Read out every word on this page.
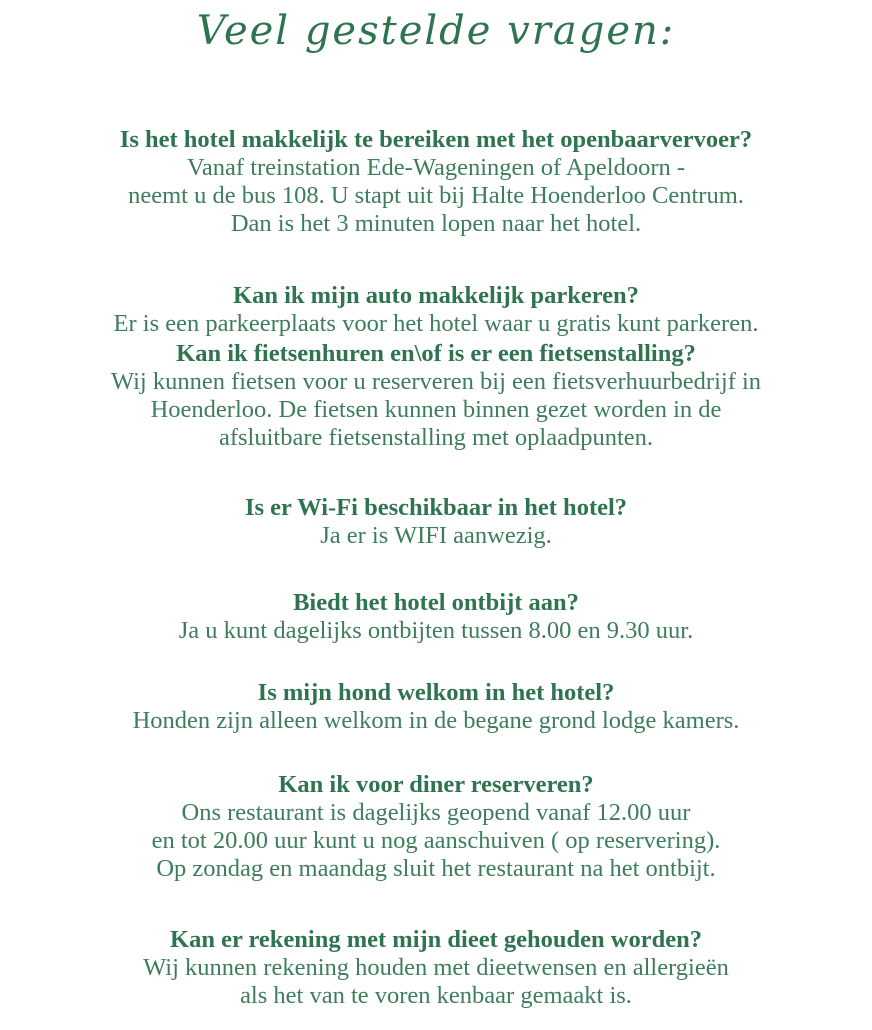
Veel gestelde vragen:
Is het hotel makkelijk te bereiken met het openbaarvervoer?
Vanaf treinstation Ede-Wageningen of Apeldoorn -
neemt u de bus 108. U stapt uit bij Halte Hoenderloo Centrum.
Dan is het 3 minuten lopen naar het hotel.
Kan ik mijn auto makkelijk parkeren?
Er is een parkeerplaats voor het hotel waar u gratis kunt parkeren.
Kan ik fietsenhuren en\of is er een fietsenstalling?
Wij kunnen fietsen voor u reserveren bij een fietsverhuurbedrijf in
Hoenderloo. De fietsen kunnen binnen gezet worden in de
afsluitbare fietsenstalling met oplaadpunten.
Is er Wi-Fi beschikbaar in het hotel?
Ja er is WIFI aanwezig.
Biedt het hotel ontbijt aan?
Ja u kunt dagelijks ontbijten tussen 8.00 en 9.30 uur.
Is mijn hond welkom in het hotel?
Honden zijn alleen welkom in de begane grond lodge kamers.
Kan ik voor diner reserveren?
Ons restaurant is dagelijks geopend vanaf 12.00 uur
en tot 20.00 uur kunt u nog aanschuiven ( op reservering).
Op zondag en maandag sluit het restaurant na het ontbijt.
Kan er rekening met mijn dieet gehouden worden?
Wij kunnen rekening houden met dieetwensen en allergieën
als het van te voren kenbaar gemaakt is.
